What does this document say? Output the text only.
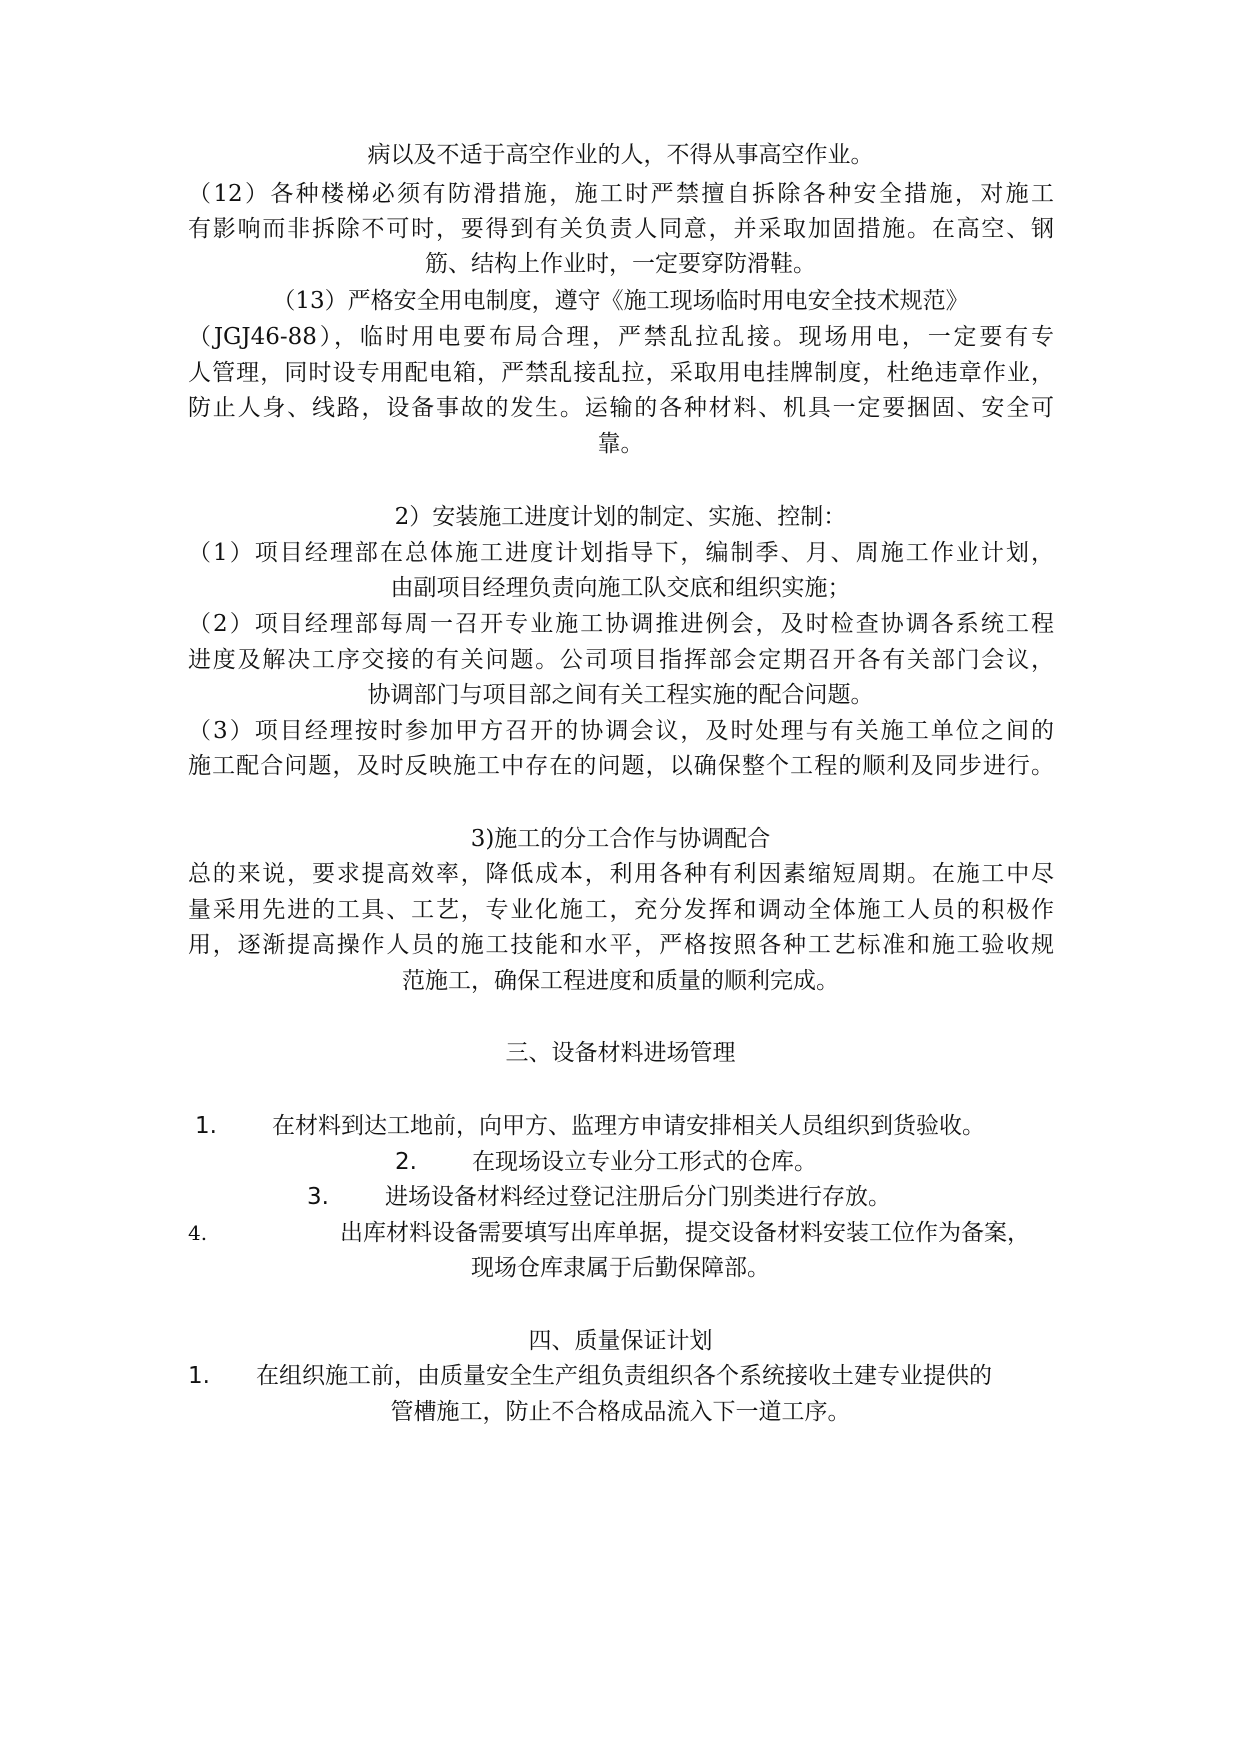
病以及不适于高空作业的人，不得从事高空作业。
（12）各种楼梯必须有防滑措施，施工时严禁擅自拆除各种安全措施，对施工
有影响而非拆除不可时，要得到有关负责人同意，并采取加固措施。在高空、钢
筋、结构上作业时，一定要穿防滑鞋。
（13）严格安全用电制度，遵守《施工现场临时用电安全技术规范》
（JGJ46-88），临时用电要布局合理，严禁乱拉乱接。现场用电，一定要有专
人管理，同时设专用配电箱，严禁乱接乱拉，采取用电挂牌制度，杜绝违章作业，
防止人身、线路，设备事故的发生。运输的各种材料、机具一定要捆固、安全可
靠。
2）安装施工进度计划的制定、实施、控制：
（1）项目经理部在总体施工进度计划指导下，编制季、月、周施工作业计划，
由副项目经理负责向施工队交底和组织实施；
（2）项目经理部每周一召开专业施工协调推进例会，及时检查协调各系统工程
进度及解决工序交接的有关问题。公司项目指挥部会定期召开各有关部门会议，
协调部门与项目部之间有关工程实施的配合问题。
（3）项目经理按时参加甲方召开的协调会议，及时处理与有关施工单位之间的
施工配合问题，及时反映施工中存在的问题，以确保整个工程的顺利及同步进行。
3)施工的分工合作与协调配合
总的来说，要求提高效率，降低成本，利用各种有利因素缩短周期。在施工中尽
量采用先进的工具、工艺，专业化施工，充分发挥和调动全体施工人员的积极作
用，逐渐提高操作人员的施工技能和水平，严格按照各种工艺标准和施工验收规
范施工，确保工程进度和质量的顺利完成。
三、设备材料进场管理
1. 在材料到达工地前，向甲方、监理方申请安排相关人员组织到货验收。
2. 在现场设立专业分工形式的仓库。
3. 进场设备材料经过登记注册后分门别类进行存放。
4.	出库材料设备需要填写出库单据，提交设备材料安装工位作为备案，
现场仓库隶属于后勤保障部。
四、质量保证计划
1. 在组织施工前，由质量安全生产组负责组织各个系统接收土建专业提供的
管槽施工，防止不合格成品流入下一道工序。
